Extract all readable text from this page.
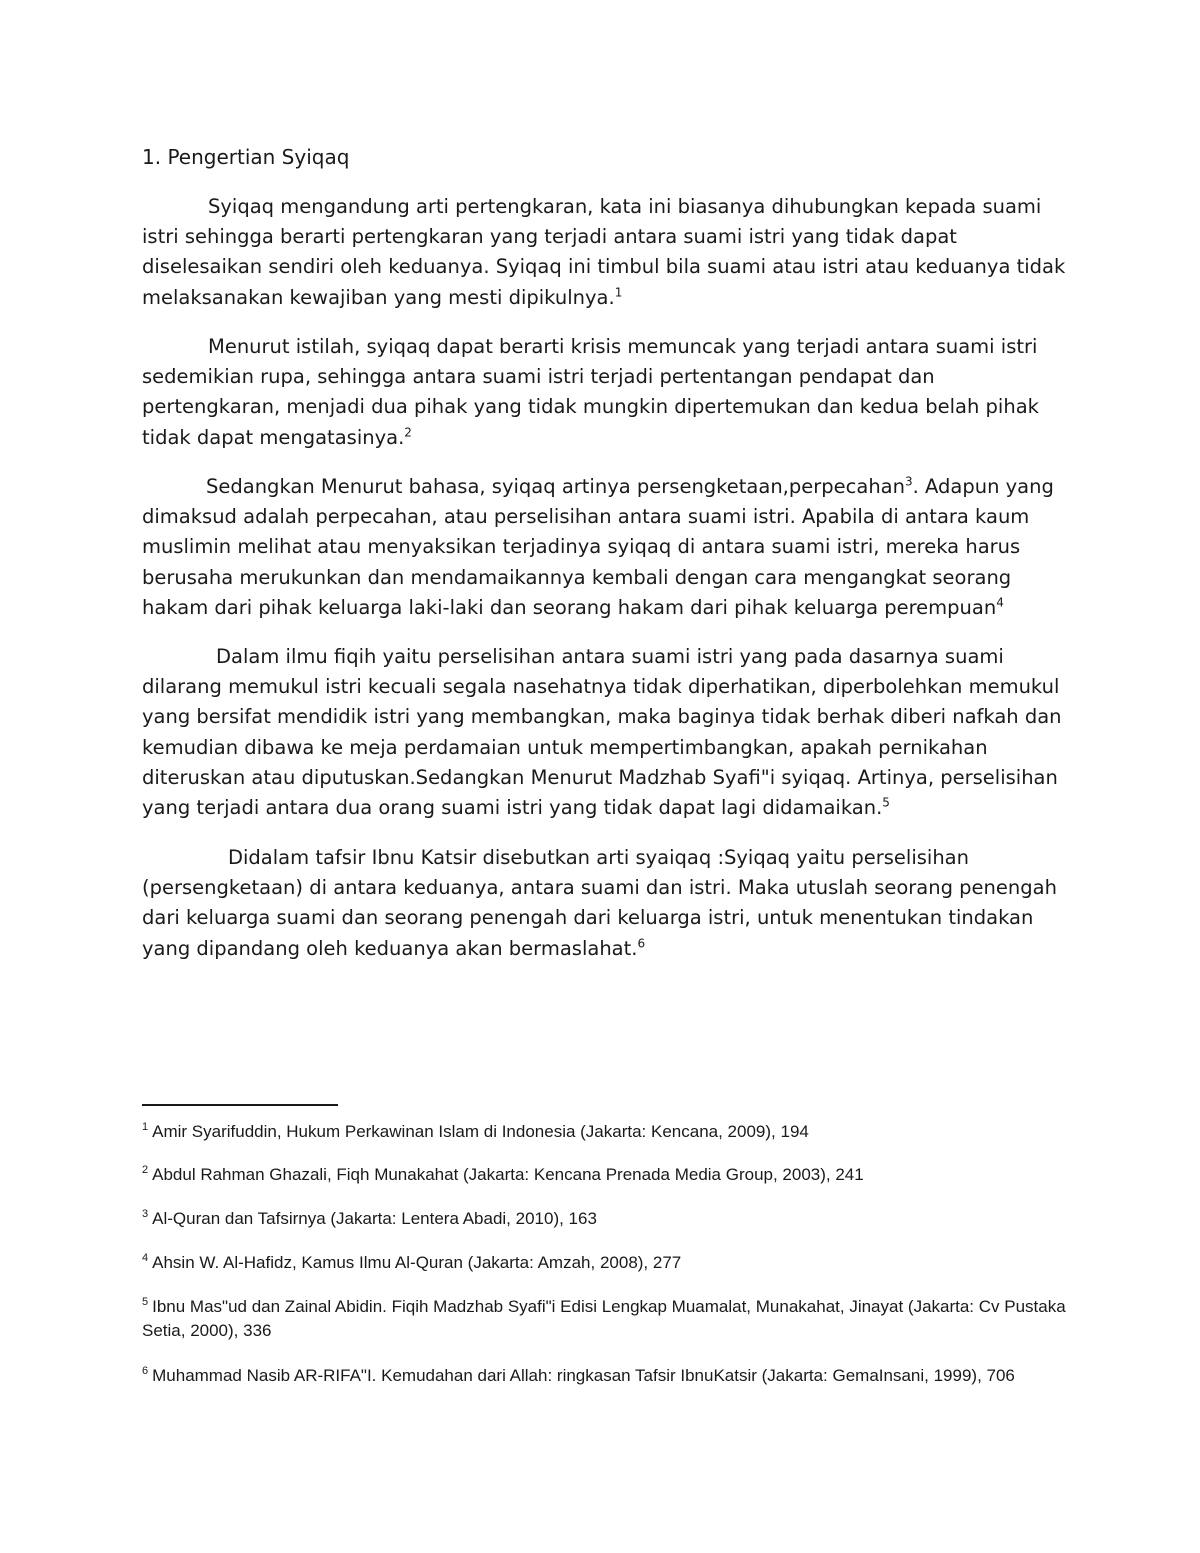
1. Pengertian Syiqaq

Syiqaq mengandung arti pertengkaran, kata ini biasanya dihubungkan kepada suami istri sehingga berarti pertengkaran yang terjadi antara suami istri yang tidak dapat diselesaikan sendiri oleh keduanya. Syiqaq ini timbul bila suami atau istri atau keduanya tidak melaksanakan kewajiban yang mesti dipikulnya.$^1$

Menurut istilah, syiqaq dapat berarti krisis memuncak yang terjadi antara suami istri sedemikian rupa, sehingga antara suami istri terjadi pertentangan pendapat dan pertengkaran, menjadi dua pihak yang tidak mungkin dipertemukan dan kedua belah pihak tidak dapat mengatasinya.$^2$

Sedangkan Menurut bahasa, syiqaq artinya persengketaan,perpecahan$^3$. Adapun yang dimaksud adalah perpecahan, atau perselisihan antara suami istri. Apabila di antara kaum muslimin melihat atau menyaksikan terjadinya syiqaq di antara suami istri, mereka harus berusaha merukunkan dan mendamaikannya kembali dengan cara mengangkat seorang hakam dari pihak keluarga laki-laki dan seorang hakam dari pihak keluarga perempuan$^4$

Dalam ilmu fiqih yaitu perselisihan antara suami istri yang pada dasarnya suami dilarang memukul istri kecuali segala nasehatnya tidak diperhatikan, diperbolehkan memukul yang bersifat mendidik istri yang membangkan, maka baginya tidak berhak diberi nafkah dan kemudian dibawa ke meja perdamaian untuk mempertimbangkan, apakah pernikahan diteruskan atau diputuskan.Sedangkan Menurut Madzhab Syafi"i syiqaq. Artinya, perselisihan yang terjadi antara dua orang suami istri yang tidak dapat lagi didamaikan.$^5$

Didalam tafsir Ibnu Katsir disebutkan arti syaiqaq :Syiqaq yaitu perselisihan (persengketaan) di antara keduanya, antara suami dan istri. Maka utuslah seorang penengah dari keluarga suami dan seorang penengah dari keluarga istri, untuk menentukan tindakan yang dipandang oleh keduanya akan bermaslahat.$^6$

$^1$ Amir Syarifuddin, Hukum Perkawinan Islam di Indonesia (Jakarta: Kencana, 2009), 194

$^2$ Abdul Rahman Ghazali, Fiqh Munakahat (Jakarta: Kencana Prenada Media Group, 2003), 241

$^3$ Al-Quran dan Tafsirnya (Jakarta: Lentera Abadi, 2010), 163

$^4$ Ahsin W. Al-Hafidz, Kamus Ilmu Al-Quran (Jakarta: Amzah, 2008), 277

$^5$ Ibnu Mas"ud dan Zainal Abidin. Fiqih Madzhab Syafi"i Edisi Lengkap Muamalat, Munakahat, Jinayat (Jakarta: Cv Pustaka Setia, 2000), 336

$^6$ Muhammad Nasib AR-RIFA"I. Kemudahan dari Allah: ringkasan Tafsir IbnuKatsir (Jakarta: GemaInsani, 1999), 706
